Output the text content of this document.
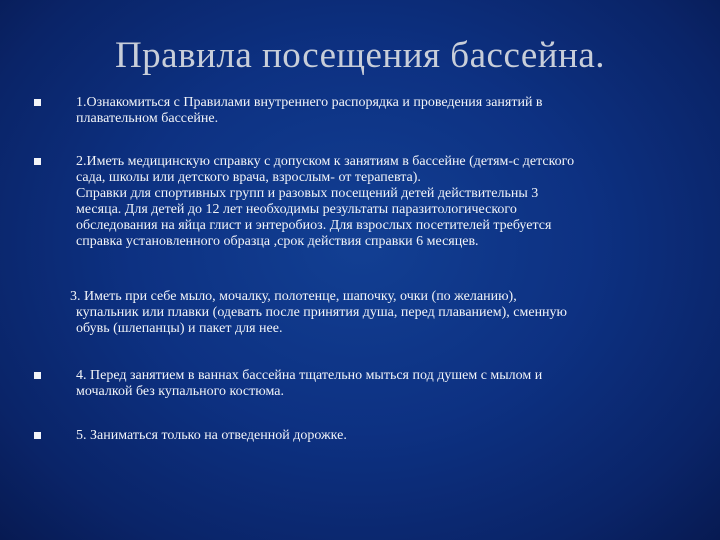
Правила посещения бассейна.
1.Ознакомиться с Правилами внутреннего распорядка и проведения занятий в
плавательном бассейне.
2.Иметь медицинскую справку с допуском к занятиям в бассейне (детям-с детского
сада, школы или детского врача, взрослым- от терапевта).
Справки для спортивных групп и разовых посещений детей действительны 3
месяца. Для детей до 12 лет необходимы результаты паразитологического
обследования на яйца глист и энтеробиоз. Для взрослых посетителей требуется
справка установленного образца ,срок действия справки 6 месяцев.
3. Иметь при себе мыло, мочалку, полотенце, шапочку, очки (по желанию),
купальник или плавки (одевать после принятия душа, перед плаванием), сменную
обувь (шлепанцы) и пакет для нее.
4. Перед занятием в ваннах бассейна тщательно мыться под душем с мылом и
мочалкой без купального костюма.
5. Заниматься только на отведенной дорожке.
